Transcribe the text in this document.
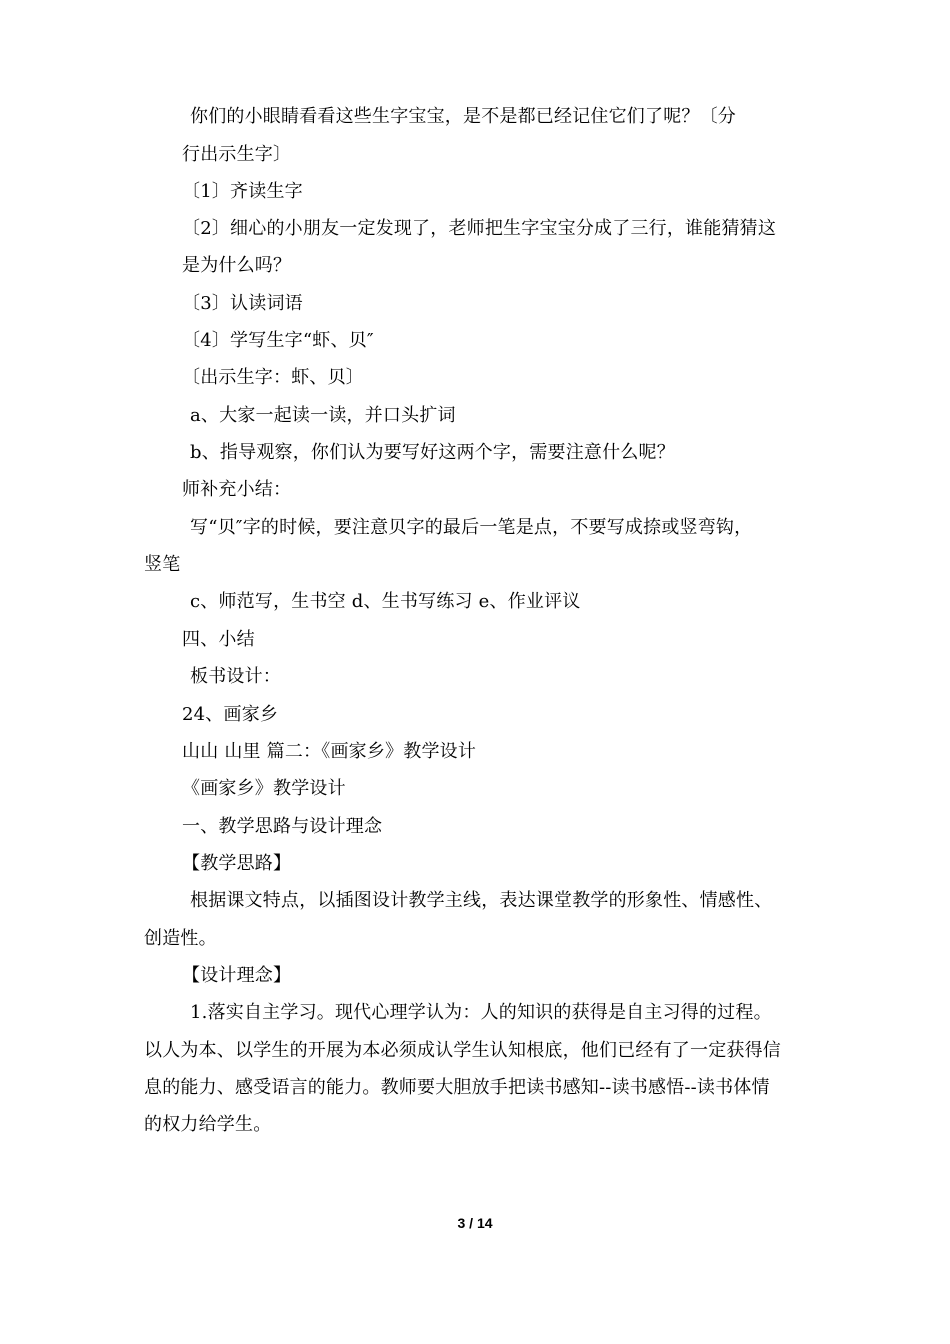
你们的小眼睛看看这些生字宝宝，是不是都已经记住它们了呢？〔分
行出示生字〕
〔1〕齐读生字
〔2〕细心的小朋友一定发现了，老师把生字宝宝分成了三行，谁能猜猜这
是为什么吗？
〔3〕认读词语
〔4〕学写生字“虾、贝″
〔出示生字：虾、贝〕
a、大家一起读一读，并口头扩词
b、指导观察，你们认为要写好这两个字，需要注意什么呢？
师补充小结：
写“贝″字的时候，要注意贝字的最后一笔是点，不要写成捺或竖弯钩，
竖笔
c、师范写，生书空 d、生书写练习 e、作业评议
四、小结
板书设计：
24、画家乡
山山 山里 篇二：《画家乡》教学设计
《画家乡》教学设计
一、教学思路与设计理念
【教学思路】
根据课文特点，以插图设计教学主线，表达课堂教学的形象性、情感性、
创造性。
【设计理念】
1.落实自主学习。现代心理学认为：人的知识的获得是自主习得的过程。
以人为本、以学生的开展为本必须成认学生认知根底，他们已经有了一定获得信
息的能力、感受语言的能力。教师要大胆放手把读书感知--读书感悟--读书体情
的权力给学生。
3 / 14
